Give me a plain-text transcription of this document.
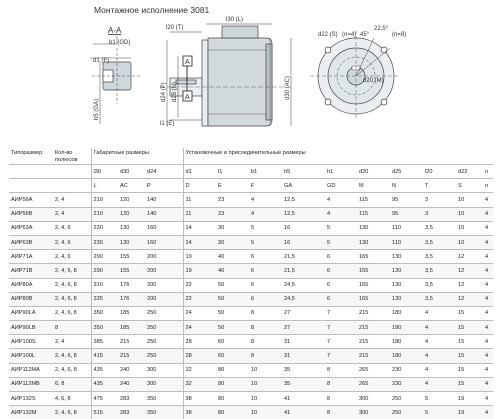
Монтажное исполнение 3081
А-А
d1 (F)
b1 (GD)
h5 (GA)
А
А
l20 (T)
l30 (L)
l1 (E)
d24 (P) d25 (N)	d30 (AC)
d22 (S) (n=4) 45°
22,5°
(n=8)
d20 (M)
Типоразмер	Кол-во полюсов	Габаритные размеры			Установочные и присоединительные размеры									
		l30	d30	d24	d1	l1	b1	h5	h1	d20	d25	l20	d22	n
		L	AC	P	D	E	F	GA	GD	M	N	T	S	n
АИР56А	2, 4	210	120	140	11	23	4	12,5	4	115	95	3	10	4
АИР56В	2, 4	210	120	140	11	23	4	12,5	4	115	95	3	10	4
АИР63А	2, 4, 6	230	130	160	14	30	5	16	5	130	110	3,5	10	4
АИР63В	2, 4, 6	230	130	160	14	30	5	16	5	130	110	3,5	10	4
АИР71А	2, 4, 6	290	155	200	19	40	6	21,5	6	165	130	3,5	12	4
АИР71В	2, 4, 6, 8	290	155	200	19	40	6	21,5	6	165	130	3,5	12	4
АИР80А	2, 4, 6, 8	310	176	200	22	50	6	24,5	6	165	130	3,5	12	4
АИР80В	2, 4, 6, 8	335	176	200	22	50	6	24,5	6	165	130	3,5	12	4
АИР90LА	2, 4, 6, 8	350	185	250	24	50	8	27	7	215	180	4	15	4
АИР90LВ	8	350	185	250	24	50	8	27	7	215	180	4	15	4
АИР100S	2, 4	385	215	250	28	60	8	31	7	215	180	4	15	4
АИР100L	2, 4, 6, 8	415	215	250	28	60	8	31	7	215	180	4	15	4
АИР112МА	2, 4, 6, 8	435	240	300	32	80	10	35	8	265	230	4	15	4
АИР112МВ	6, 8	435	240	300	32	80	10	35	8	265	230	4	15	4
АИР132S	4, 6, 8	475	283	350	38	80	10	41	8	300	250	5	19	4
АИР132М	2, 4, 6, 8	515	283	350	38	80	10	41	8	300	250	5	19	4
